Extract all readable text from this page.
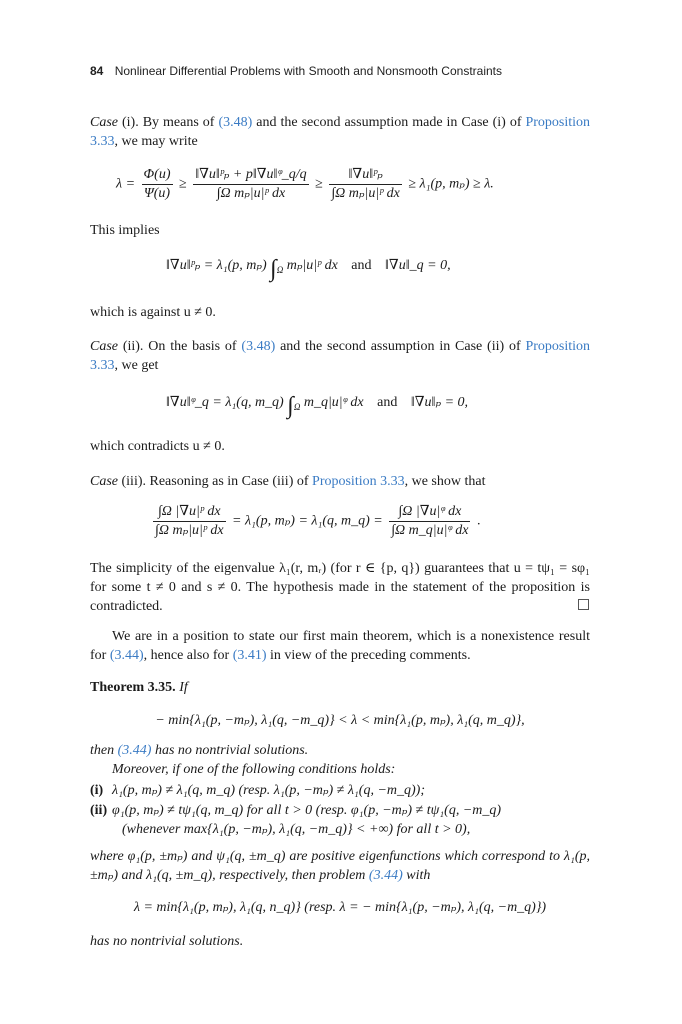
84 Nonlinear Differential Problems with Smooth and Nonsmooth Constraints
Case (i). By means of (3.48) and the second assumption made in Case (i) of Proposition 3.33, we may write
$\lambda = \frac{\Phi(u)}{\Psi(u)} \ge \frac{\text{‖∇u‖ᵖₚ + p‖∇u‖ᵠ\_q/q}}{\text{∫Ω mₚ|u|ᵖ dx}} \ge \frac{\text{‖∇u‖ᵖₚ}}{\text{∫Ω mₚ|u|ᵖ dx}} \ge \lambda_1(p$, mₚ) ≥ λ.
This implies
‖∇u‖ᵖₚ = λ₁(p, mₚ) $\int_\Omega$ mₚ|u|ᵖ dx and ‖∇u‖_q = 0,
which is against u ≠ 0.
Case (ii). On the basis of (3.48) and the second assumption in Case (ii) of Proposition 3.33, we get
‖∇u‖ᵠ_q = λ₁(q, m_q) $\int_\Omega$ m_q|u|ᵠ dx and ‖∇u‖ₚ = 0,
which contradicts u ≠ 0.
Case (iii). Reasoning as in Case (iii) of Proposition 3.33, we show that
$\frac{\text{∫Ω |∇u|ᵖ dx}}{\text{∫Ω mₚ|u|ᵖ dx}} = \lambda_1(p$, mₚ) = λ₁(q, m_q) = $\frac{\text{∫Ω |∇u|ᵠ dx}}{\text{∫Ω m\_q|u|ᵠ dx}}$ .
The simplicity of the eigenvalue λ₁(r, mᵣ) (for r ∈ {p, q}) guarantees that u = tψ₁ = sφ₁ for some t ≠ 0 and s ≠ 0. The hypothesis made in the statement of the proposition is contradicted.
We are in a position to state our first main theorem, which is a nonexistence result for (3.44), hence also for (3.41) in view of the preceding comments.
Theorem 3.35. If
− min{λ₁(p, −mₚ), λ₁(q, −m_q)} < λ < min{λ₁(p, mₚ), λ₁(q, m_q)},
then (3.44) has no nontrivial solutions.
Moreover, if one of the following conditions holds:
(i) λ₁(p, mₚ) ≠ λ₁(q, m_q) (resp. λ₁(p, −mₚ) ≠ λ₁(q, −m_q));
(ii) φ₁(p, mₚ) ≠ tψ₁(q, m_q) for all t > 0 (resp. φ₁(p, −mₚ) ≠ tψ₁(q, −m_q)
(whenever max{λ₁(p, −mₚ), λ₁(q, −m_q)} < +∞) for all t > 0),
where φ₁(p, ±mₚ) and ψ₁(q, ±m_q) are positive eigenfunctions which correspond to λ₁(p, ±mₚ) and λ₁(q, ±m_q), respectively, then problem (3.44) with
λ = min{λ₁(p, mₚ), λ₁(q, n_q)} (resp. λ = − min{λ₁(p, −mₚ), λ₁(q, −m_q)})
has no nontrivial solutions.
